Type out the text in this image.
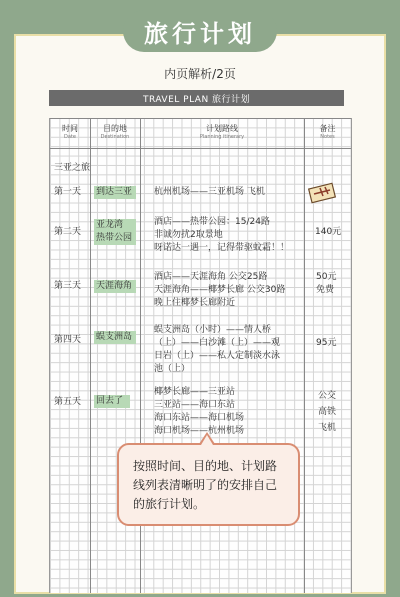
旅行计划
内页解析/2页
TRAVEL PLAN 旅行计划
时间
Date
目的地
Destination
计划路线
Planning itinerary
备注
Notes
三亚之旅
第一天 到达三亚 杭州机场——三亚机场 飞机
第二天
亚龙湾
热带公园
酒店——热带公园：15/24路
非诚勿扰2取景地
呀诺达一遇一，记得带驱蚊霜！！
140元
第三天 天涯海角
酒店——天涯海角 公交25路
天涯海角——椰梦长廊 公交30路
晚上住椰梦长廊附近
50元
免费
第四天 蜈支洲岛
蜈支洲岛（小时）——情人桥
（上）——白沙滩（上）——观
日岩（上）——私人定制淡水泳
池（上）
95元
第五天 回去了
椰梦长廊——三亚站
三亚站——海口东站
海口东站——海口机场
海口机场——杭州机场
公交
高铁
飞机
按照时间、目的地、计划路线列表清晰明了的安排自己的旅行计划。
